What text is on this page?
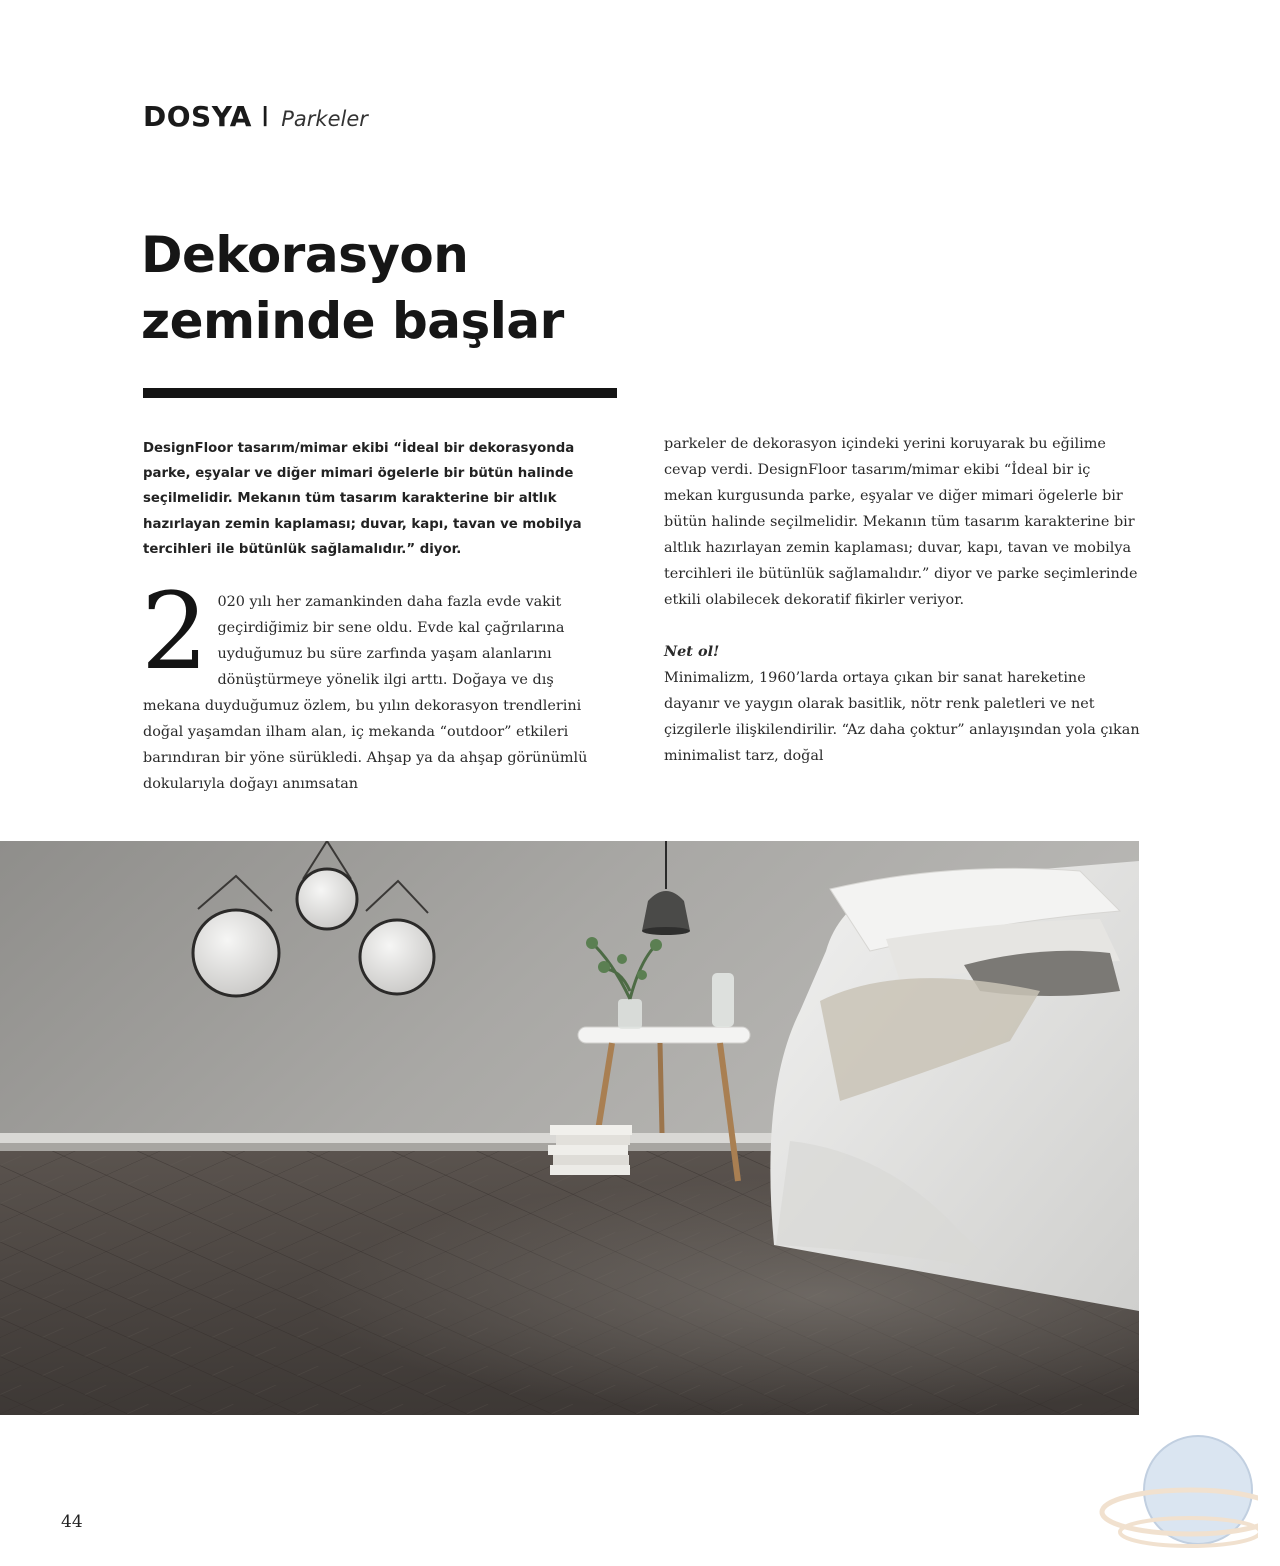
DOSYA I Parkeler
Dekorasyon
zeminde başlar

DesignFloor tasarım/mimar ekibi “İdeal bir dekorasyonda parke, eşyalar ve diğer mimari ögelerle bir bütün halinde seçilmelidir. Mekanın tüm tasarım karakterine bir altlık hazırlayan zemin kaplaması; duvar, kapı, tavan ve mobilya tercihleri ile bütünlük sağlamalıdır.” diyor.

2 020 yılı her zamankinden daha fazla evde vakit geçirdiğimiz bir sene oldu. Evde kal çağrılarına uyduğumuz bu süre zarfında yaşam alanlarını dönüştürmeye yönelik ilgi arttı. Doğaya ve dış mekana duyduğumuz özlem, bu yılın dekorasyon trendlerini doğal yaşamdan ilham alan, iç mekanda “outdoor” etkileri barındıran bir yöne sürükledi. Ahşap ya da ahşap görünümlü dokularıyla doğayı anımsatan

parkeler de dekorasyon içindeki yerini koruyarak bu eğilime cevap verdi. DesignFloor tasarım/mimar ekibi “İdeal bir iç mekan kurgusunda parke, eşyalar ve diğer mimari ögelerle bir bütün halinde seçilmelidir. Mekanın tüm tasarım karakterine bir altlık hazırlayan zemin kaplaması; duvar, kapı, tavan ve mobilya tercihleri ile bütünlük sağlamalıdır.” diyor ve parke seçimlerinde etkili olabilecek dekoratif fikirler veriyor.

Net ol!

Minimalizm, 1960’larda ortaya çıkan bir sanat hareketine dayanır ve yaygın olarak basitlik, nötr renk paletleri ve net çizgilerle ilişkilendirilir. “Az daha çoktur” anlayışından yola çıkan minimalist tarz, doğal

44
